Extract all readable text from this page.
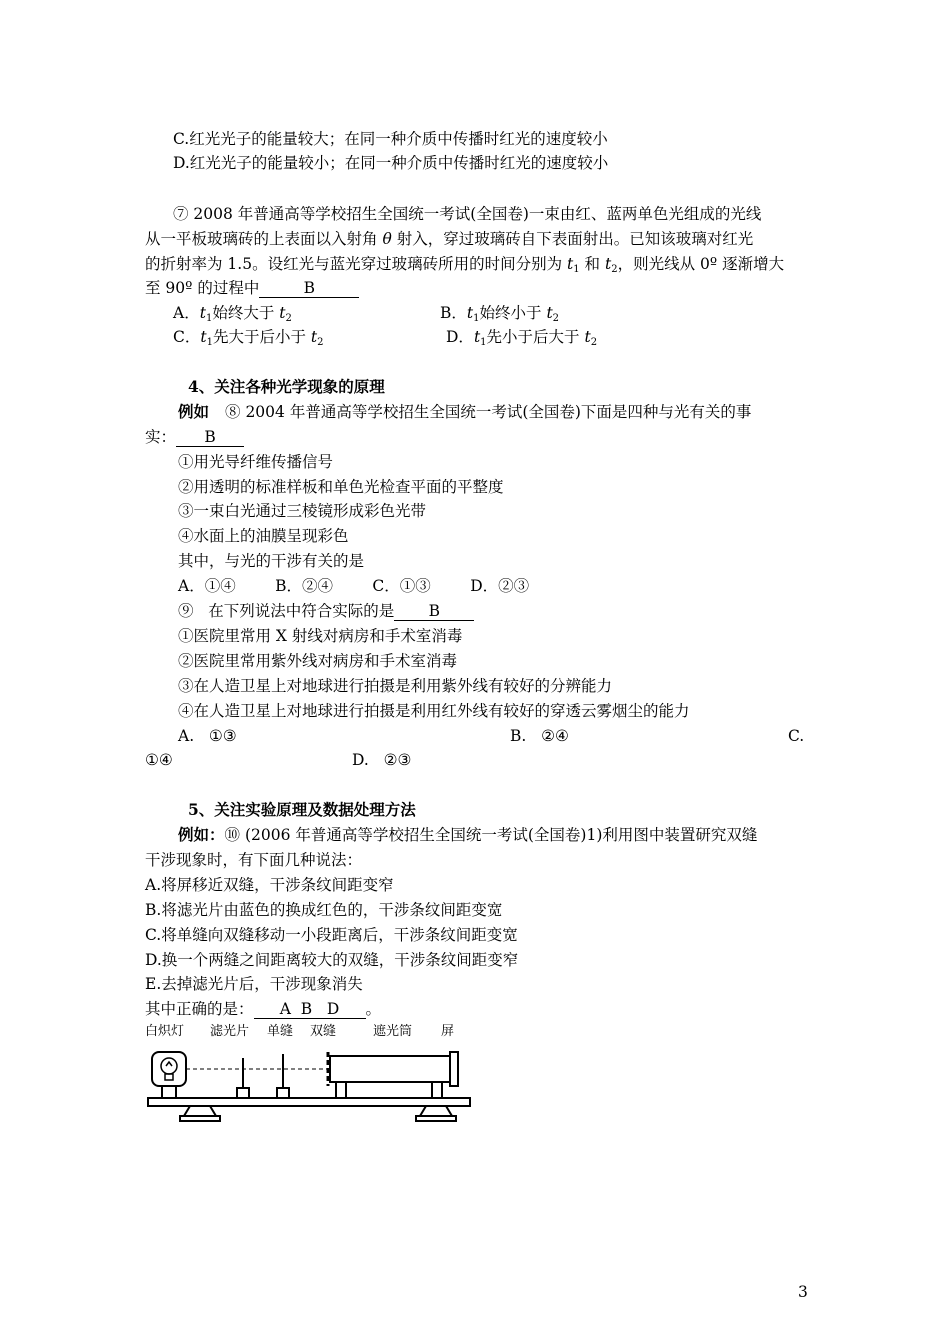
C.红光光子的能量较大；在同一种介质中传播时红光的速度较小
D.红光光子的能量较小；在同一种介质中传播时红光的速度较小
⑦ 2008 年普通高等学校招生全国统一考试(全国卷)一束由红、蓝两单色光组成的光线
从一平板玻璃砖的上表面以入射角 θ 射入，穿过玻璃砖自下表面射出。已知该玻璃对红光
的折射率为 1.5。设红光与蓝光穿过玻璃砖所用的时间分别为 $t_1$ 和 $t_2$，则光线从 0º 逐渐增大
至 90º 的过程中	B
A．$t_1$始终大于 $t_2$	B．$t_1$始终小于 $t_2$
C．$t_1$先大于后小于 $t_2$	D．$t_1$先小于后大于 $t_2$
4、关注各种光学现象的原理
例如 ⑧ 2004 年普通高等学校招生全国统一考试(全国卷)下面是四种与光有关的事
实： B
①用光导纤维传播信号
②用透明的标准样板和单色光检查平面的平整度
③一束白光通过三棱镜形成彩色光带
④水面上的油膜呈现彩色
其中，与光的干涉有关的是
A．①④        B．②④        C．①③        D．②③
⑨   在下列说法中符合实际的是 B
①医院里常用 X 射线对病房和手术室消毒
②医院里常用紫外线对病房和手术室消毒
③在人造卫星上对地球进行拍摄是利用紫外线有较好的分辨能力
④在人造卫星上对地球进行拍摄是利用红外线有较好的穿透云雾烟尘的能力
A.   ①③	B.   ②④	C.
①④	D.   ②③
5、关注实验原理及数据处理方法
例如：⑩ (2006 年普通高等学校招生全国统一考试(全国卷)1)利用图中装置研究双缝
干涉现象时，有下面几种说法：
A.将屏移近双缝，干涉条纹间距变窄
B.将滤光片由蓝色的换成红色的，干涉条纹间距变宽
C.将单缝向双缝移动一小段距离后，干涉条纹间距变宽
D.换一个两缝之间距离较大的双缝，干涉条纹间距变窄
E.去掉滤光片后，干涉现象消失
其中正确的是： A  B   D 。
白炽灯 滤光片 单缝 双缝	遮光筒 屏
3
